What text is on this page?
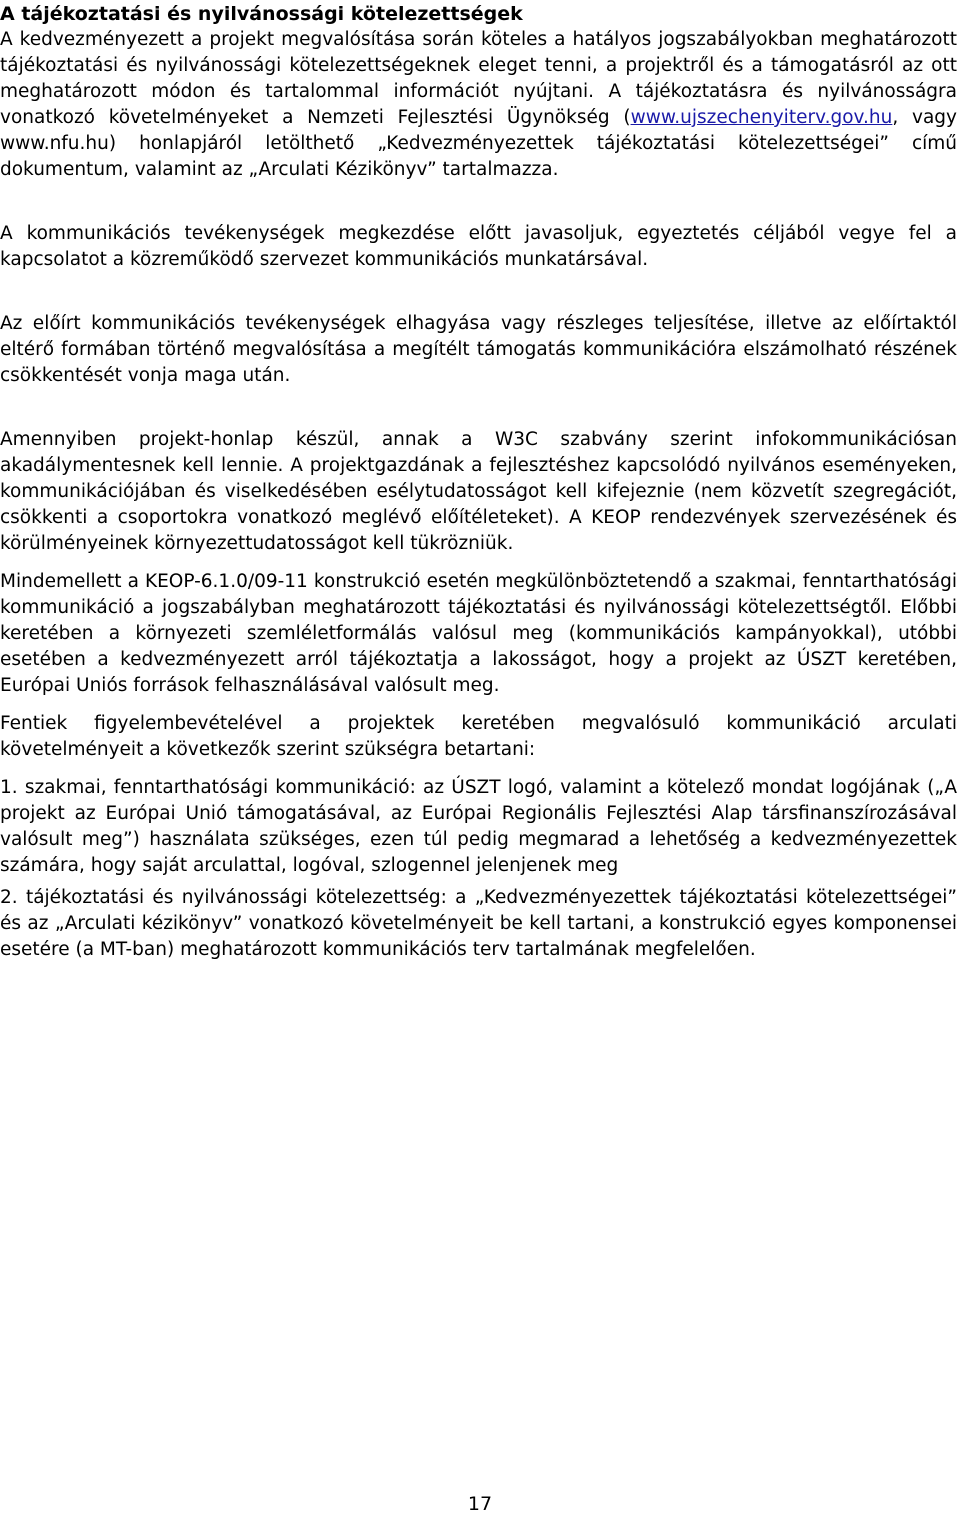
A tájékoztatási és nyilvánossági kötelezettségek

A kedvezményezett a projekt megvalósítása során köteles a hatályos jogszabályokban meghatározott tájékoztatási és nyilvánossági kötelezettségeknek eleget tenni, a projektről és a támogatásról az ott meghatározott módon és tartalommal információt nyújtani. A tájékoztatásra és nyilvánosságra vonatkozó követelményeket a Nemzeti Fejlesztési Ügynökség (www.ujszechenyiterv.gov.hu, vagy www.nfu.hu) honlapjáról letölthető „Kedvezményezettek tájékoztatási kötelezettségei” című dokumentum, valamint az „Arculati Kézikönyv” tartalmazza.

A kommunikációs tevékenységek megkezdése előtt javasoljuk, egyeztetés céljából vegye fel a kapcsolatot a közreműködő szervezet kommunikációs munkatársával.

Az előírt kommunikációs tevékenységek elhagyása vagy részleges teljesítése, illetve az előírtaktól eltérő formában történő megvalósítása a megítélt támogatás kommunikációra elszámolható részének csökkentését vonja maga után.

Amennyiben projekt-honlap készül, annak a W3C szabvány szerint infokommunikációsan akadálymentesnek kell lennie. A projektgazdának a fejlesztéshez kapcsolódó nyilvános eseményeken, kommunikációjában és viselkedésében esélytudatosságot kell kifejeznie (nem közvetít szegregációt, csökkenti a csoportokra vonatkozó meglévő előítéleteket). A KEOP rendezvények szervezésének és körülményeinek környezettudatosságot kell tükrözniük.

Mindemellett a KEOP-6.1.0/09-11 konstrukció esetén megkülönböztetendő a szakmai, fenntarthatósági kommunikáció a jogszabályban meghatározott tájékoztatási és nyilvánossági kötelezettségtől. Előbbi keretében a környezeti szemléletformálás valósul meg (kommunikációs kampányokkal), utóbbi esetében a kedvezményezett arról tájékoztatja a lakosságot, hogy a projekt az ÚSZT keretében, Európai Uniós források felhasználásával valósult meg.

Fentiek figyelembevételével a projektek keretében megvalósuló kommunikáció arculati követelményeit a következők szerint szükségra betartani:

1. szakmai, fenntarthatósági kommunikáció: az ÚSZT logó, valamint a kötelező mondat logójának („A projekt az Európai Unió támogatásával, az Európai Regionális Fejlesztési Alap társfinanszírozásával valósult meg”) használata szükséges, ezen túl pedig megmarad a lehetőség a kedvezményezettek számára, hogy saját arculattal, logóval, szlogennel jelenjenek meg

2. tájékoztatási és nyilvánossági kötelezettség: a „Kedvezményezettek tájékoztatási kötelezettségei” és az „Arculati kézikönyv” vonatkozó követelményeit be kell tartani, a konstrukció egyes komponensei esetére (a MT-ban) meghatározott kommunikációs terv tartalmának megfelelően.

17
